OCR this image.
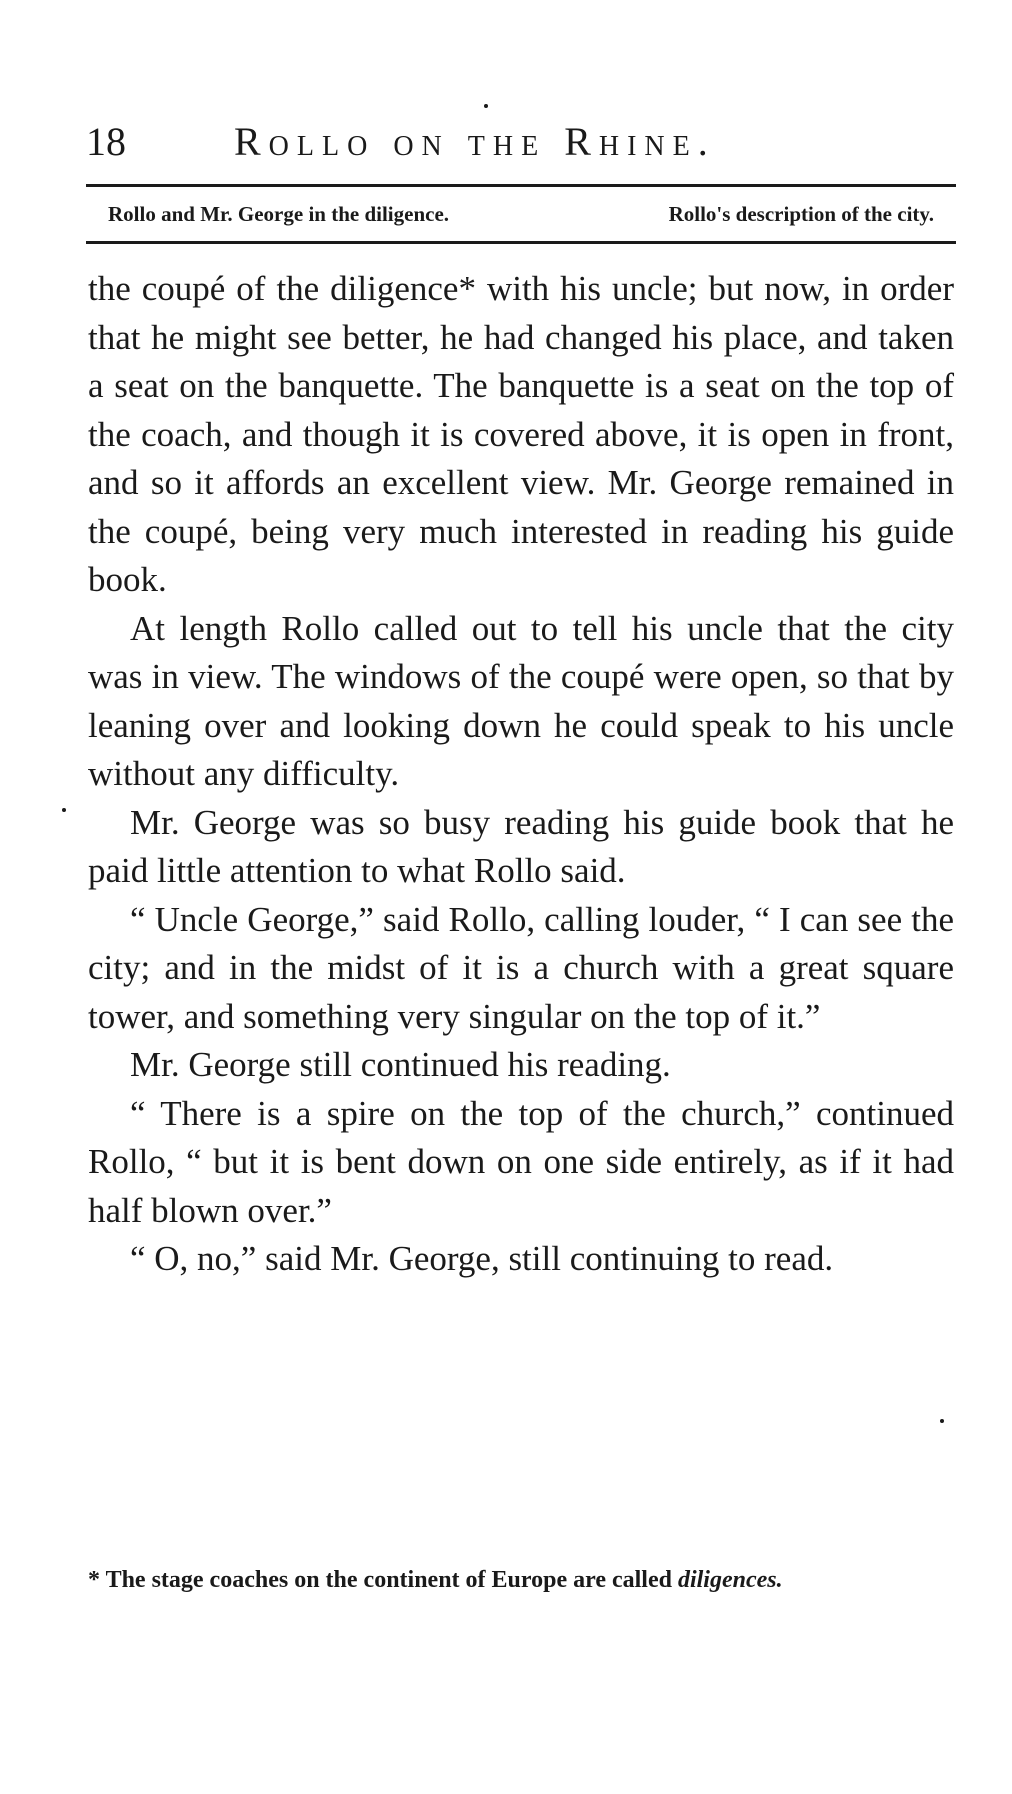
18	Rollo on the Rhine.
Rollo and Mr. George in the diligence.	Rollo's description of the city.

the coupé of the diligence* with his uncle; but now, in order that he might see better, he had changed his place, and taken a seat on the banquette. The banquette is a seat on the top of the coach, and though it is covered above, it is open in front, and so it affords an excellent view. Mr. George remained in the coupé, being very much interested in reading his guide book.

At length Rollo called out to tell his uncle that the city was in view. The windows of the coupé were open, so that by leaning over and looking down he could speak to his uncle without any difficulty.

Mr. George was so busy reading his guide book that he paid little attention to what Rollo said.

“ Uncle George,” said Rollo, calling louder, “ I can see the city; and in the midst of it is a church with a great square tower, and something very singular on the top of it.”

Mr. George still continued his reading.

“ There is a spire on the top of the church,” continued Rollo, “ but it is bent down on one side entirely, as if it had half blown over.”

“ O, no,” said Mr. George, still continuing to read.

* The stage coaches on the continent of Europe are called diligences.
